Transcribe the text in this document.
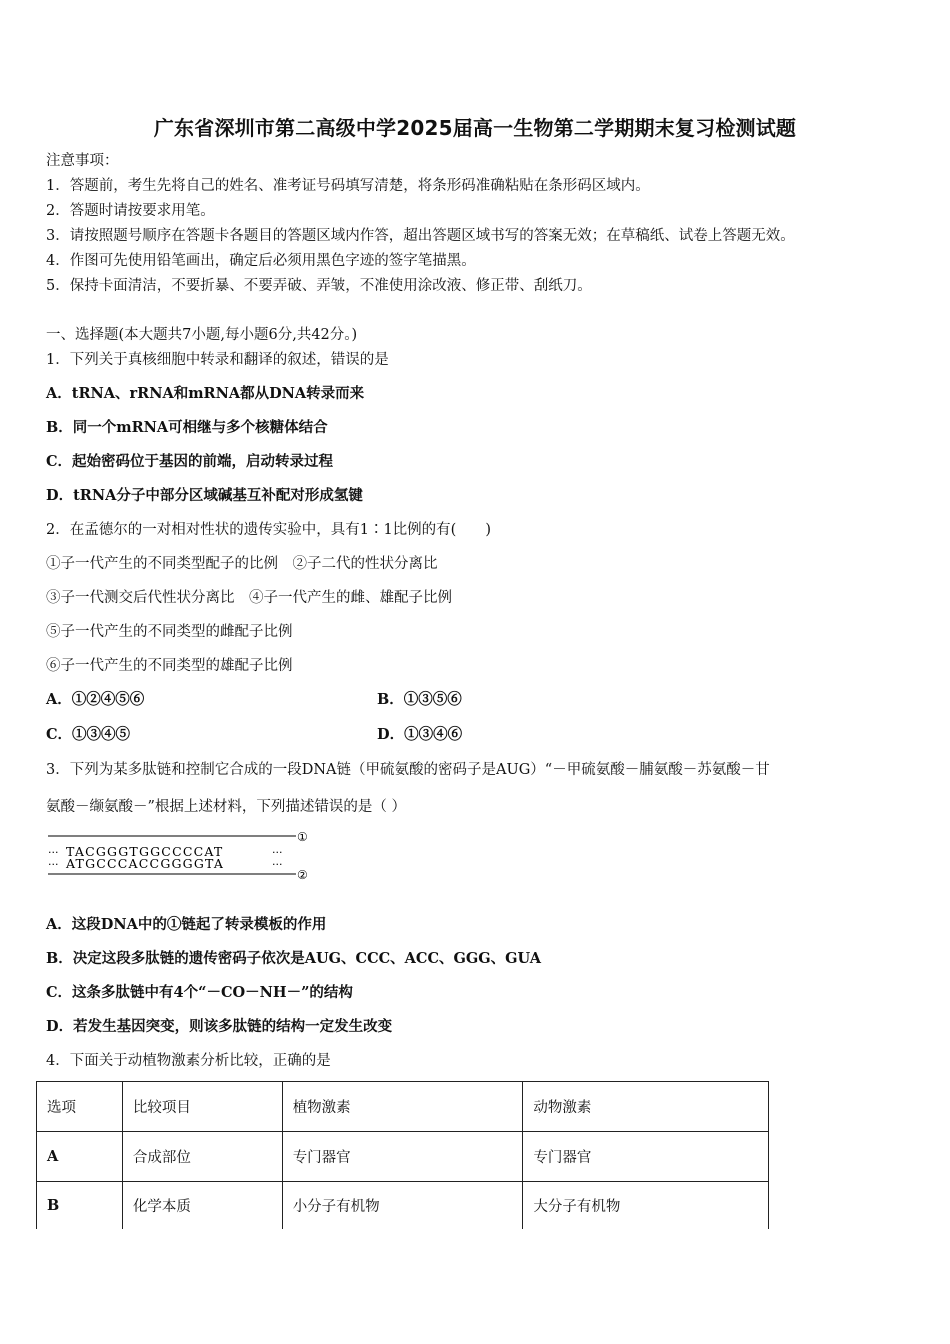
广东省深圳市第二高级中学2025届高一生物第二学期期末复习检测试题
注意事项：
1．答题前，考生先将自己的姓名、准考证号码填写清楚，将条形码准确粘贴在条形码区域内。
2．答题时请按要求用笔。
3．请按照题号顺序在答题卡各题目的答题区域内作答，超出答题区域书写的答案无效；在草稿纸、试卷上答题无效。
4．作图可先使用铅笔画出，确定后必须用黑色字迹的签字笔描黑。
5．保持卡面清洁，不要折暴、不要弄破、弄皱，不准使用涂改液、修正带、刮纸刀。
一、选择题(本大题共7小题,每小题6分,共42分。)
1．下列关于真核细胞中转录和翻译的叙述，错误的是
A．tRNA、rRNA和mRNA都从DNA转录而来
B．同一个mRNA可相继与多个核糖体结合
C．起始密码位于基因的前端，启动转录过程
D．tRNA分子中部分区域碱基互补配对形成氢键
2．在孟德尔的一对相对性状的遗传实验中，具有1∶1比例的有(　　)
①子一代产生的不同类型配子的比例　②子二代的性状分离比
③子一代测交后代性状分离比　④子一代产生的雌、雄配子比例
⑤子一代产生的不同类型的雌配子比例
⑥子一代产生的不同类型的雄配子比例
A．①②④⑤⑥	B．①③⑤⑥
C．①③④⑤	D．①③④⑥
3．下列为某多肽链和控制它合成的一段DNA链（甲硫氨酸的密码子是AUG）“－甲硫氨酸－脯氨酸－苏氨酸－甘
氨酸－缬氨酸－”根据上述材料，下列描述错误的是（ ）
··· TACGGGTGGCCCCAT	···
··· ATGCCCACCGGGGTA	···
①
②
A．这段DNA中的①链起了转录模板的作用
B．决定这段多肽链的遗传密码子依次是AUG、CCC、ACC、GGG、GUA
C．这条多肽链中有4个“－CO－NH－”的结构
D．若发生基因突变，则该多肽链的结构一定发生改变
4．下面关于动植物激素分析比较，正确的是
选项	比较项目	植物激素	动物激素
A	合成部位	专门器官	专门器官
B	化学本质	小分子有机物	大分子有机物
